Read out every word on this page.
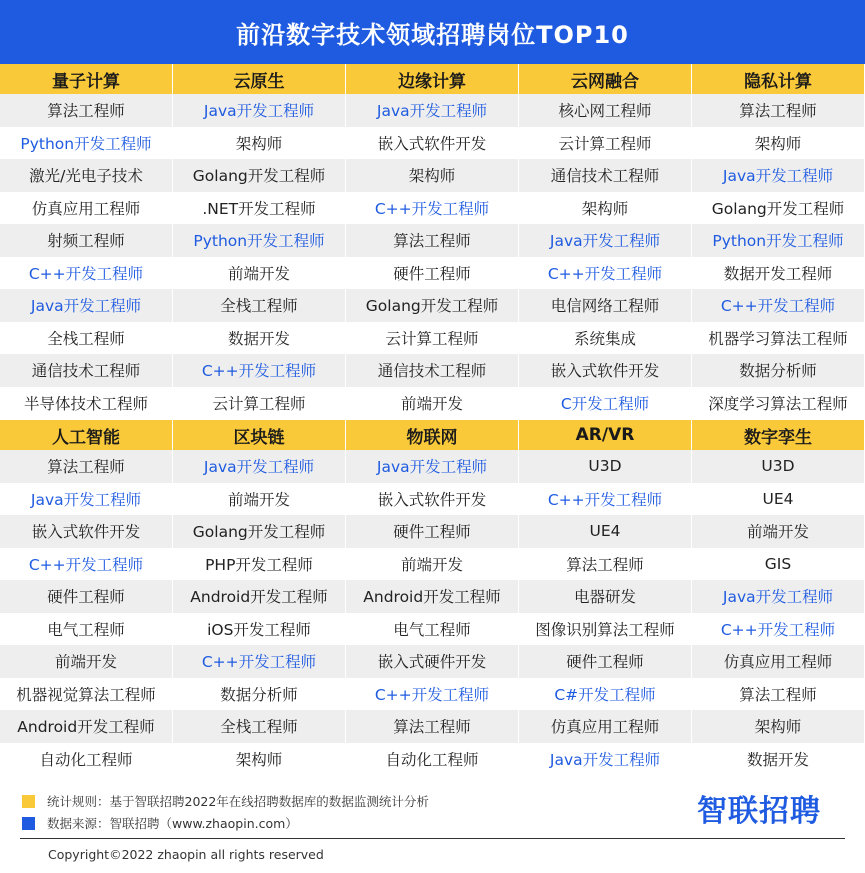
前沿数字技术领域招聘岗位TOP10
量子计算	云原生	边缘计算	云网融合	隐私计算
算法工程师	Java开发工程师	Java开发工程师	核心网工程师	算法工程师
Python开发工程师	架构师	嵌入式软件开发	云计算工程师	架构师
激光/光电子技术	Golang开发工程师	架构师	通信技术工程师	Java开发工程师
仿真应用工程师	.NET开发工程师	C++开发工程师	架构师	Golang开发工程师
射频工程师	Python开发工程师	算法工程师	Java开发工程师	Python开发工程师
C++开发工程师	前端开发	硬件工程师	C++开发工程师	数据开发工程师
Java开发工程师	全栈工程师	Golang开发工程师	电信网络工程师	C++开发工程师
全栈工程师	数据开发	云计算工程师	系统集成	机器学习算法工程师
通信技术工程师	C++开发工程师	通信技术工程师	嵌入式软件开发	数据分析师
半导体技术工程师	云计算工程师	前端开发	C开发工程师	深度学习算法工程师
人工智能	区块链	物联网	AR/VR	数字孪生
算法工程师	Java开发工程师	Java开发工程师	U3D	U3D
Java开发工程师	前端开发	嵌入式软件开发	C++开发工程师	UE4
嵌入式软件开发	Golang开发工程师	硬件工程师	UE4	前端开发
C++开发工程师	PHP开发工程师	前端开发	算法工程师	GIS
硬件工程师	Android开发工程师	Android开发工程师	电器研发	Java开发工程师
电气工程师	iOS开发工程师	电气工程师	图像识别算法工程师	C++开发工程师
前端开发	C++开发工程师	嵌入式硬件开发	硬件工程师	仿真应用工程师
机器视觉算法工程师	数据分析师	C++开发工程师	C#开发工程师	算法工程师
Android开发工程师	全栈工程师	算法工程师	仿真应用工程师	架构师
自动化工程师	架构师	自动化工程师	Java开发工程师	数据开发
统计规则：基于智联招聘2022年在线招聘数据库的数据监测统计分析
数据来源：智联招聘（www.zhaopin.com）	智联招聘
Copyright©2022 zhaopin all rights reserved
